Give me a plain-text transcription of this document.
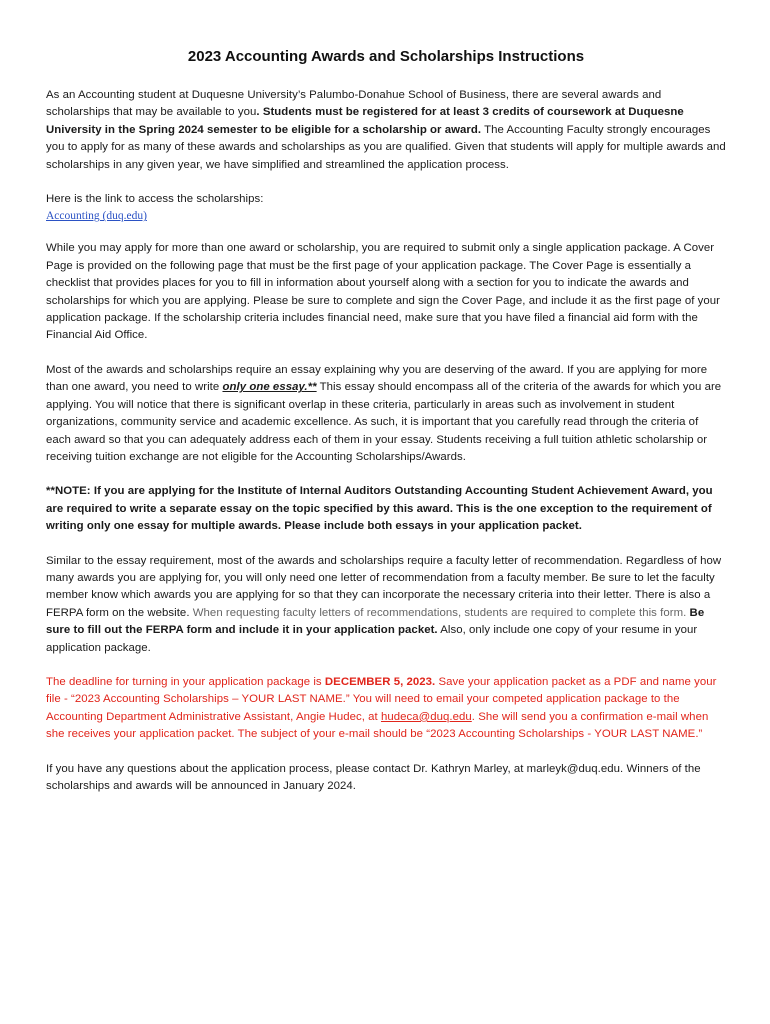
2023 Accounting Awards and Scholarships Instructions

As an Accounting student at Duquesne University’s Palumbo-Donahue School of Business, there are several awards and scholarships that may be available to you. Students must be registered for at least 3 credits of coursework at Duquesne University in the Spring 2024 semester to be eligible for a scholarship or award. The Accounting Faculty strongly encourages you to apply for as many of these awards and scholarships as you are qualified. Given that students will apply for multiple awards and scholarships in any given year, we have simplified and streamlined the application process.

Here is the link to access the scholarships:

Accounting (duq.edu)

While you may apply for more than one award or scholarship, you are required to submit only a single application package. A Cover Page is provided on the following page that must be the first page of your application package. The Cover Page is essentially a checklist that provides places for you to fill in information about yourself along with a section for you to indicate the awards and scholarships for which you are applying. Please be sure to complete and sign the Cover Page, and include it as the first page of your application package. If the scholarship criteria includes financial need, make sure that you have filed a financial aid form with the Financial Aid Office.

Most of the awards and scholarships require an essay explaining why you are deserving of the award. If you are applying for more than one award, you need to write only one essay.** This essay should encompass all of the criteria of the awards for which you are applying. You will notice that there is significant overlap in these criteria, particularly in areas such as involvement in student organizations, community service and academic excellence. As such, it is important that you carefully read through the criteria of each award so that you can adequately address each of them in your essay. Students receiving a full tuition athletic scholarship or receiving tuition exchange are not eligible for the Accounting Scholarships/Awards.

**NOTE: If you are applying for the Institute of Internal Auditors Outstanding Accounting Student Achievement Award, you are required to write a separate essay on the topic specified by this award. This is the one exception to the requirement of writing only one essay for multiple awards. Please include both essays in your application packet.

Similar to the essay requirement, most of the awards and scholarships require a faculty letter of recommendation. Regardless of how many awards you are applying for, you will only need one letter of recommendation from a faculty member. Be sure to let the faculty member know which awards you are applying for so that they can incorporate the necessary criteria into their letter. There is also a FERPA form on the website. When requesting faculty letters of recommendations, students are required to complete this form. Be sure to fill out the FERPA form and include it in your application packet. Also, only include one copy of your resume in your application package.

The deadline for turning in your application package is DECEMBER 5, 2023. Save your application packet as a PDF and name your file - “2023 Accounting Scholarships – YOUR LAST NAME.” You will need to email your competed application package to the Accounting Department Administrative Assistant, Angie Hudec, at hudeca@duq.edu. She will send you a confirmation e-mail when she receives your application packet. The subject of your e-mail should be “2023 Accounting Scholarships - YOUR LAST NAME.”

If you have any questions about the application process, please contact Dr. Kathryn Marley, at marleyk@duq.edu. Winners of the scholarships and awards will be announced in January 2024.
